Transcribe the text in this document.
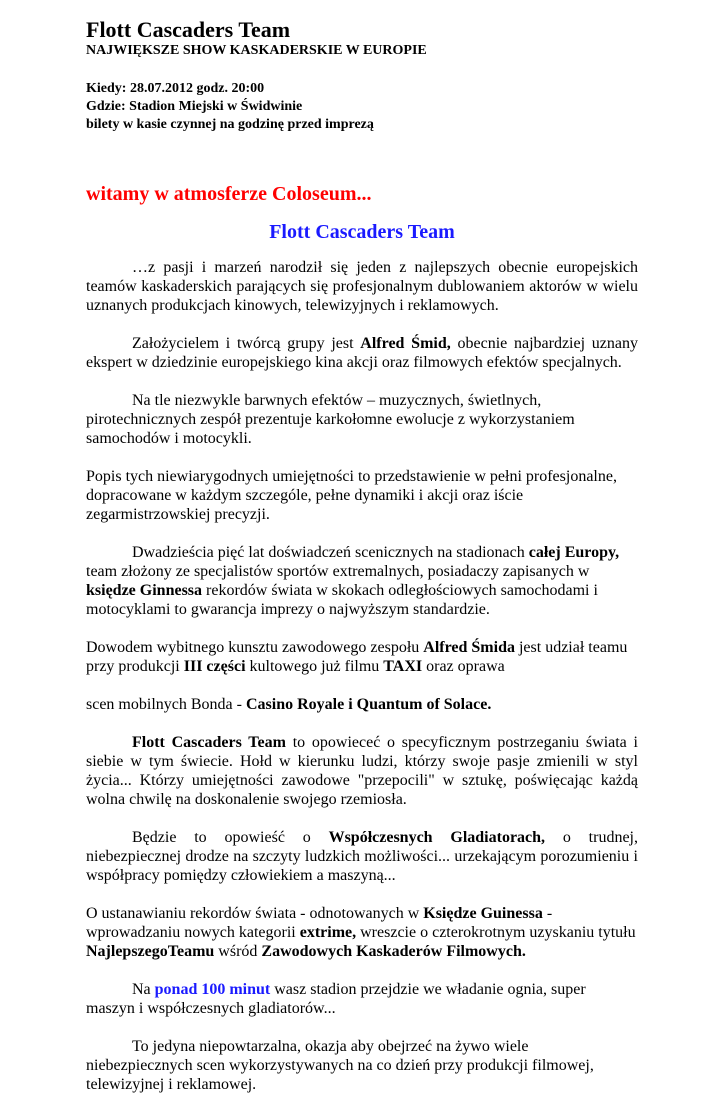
Flott Cascaders Team
NAJWIĘKSZE SHOW KASKADERSKIE W EUROPIE
Kiedy: 28.07.2012 godz. 20:00
Gdzie: Stadion Miejski w Świdwinie
bilety w kasie czynnej na godzinę przed imprezą
witamy w atmosferze Coloseum...
Flott Cascaders Team

…z pasji i marzeń narodził się jeden z najlepszych obecnie europejskich teamów kaskaderskich parających się profesjonalnym dublowaniem aktorów w wielu uznanych produkcjach kinowych, telewizyjnych i reklamowych.

Założycielem i twórcą grupy jest Alfred Śmid, obecnie najbardziej uznany ekspert w dziedzinie europejskiego kina akcji oraz filmowych efektów specjalnych.

Na tle niezwykle barwnych efektów – muzycznych, świetlnych, pirotechnicznych zespół prezentuje karkołomne ewolucje z wykorzystaniem samochodów i motocykli.

Popis tych niewiarygodnych umiejętności to przedstawienie w pełni profesjonalne, dopracowane w każdym szczególe, pełne dynamiki i akcji oraz iście zegarmistrzowskiej precyzji.

Dwadzieścia pięć lat doświadczeń scenicznych na stadionach całej Europy, team złożony ze specjalistów sportów extremalnych, posiadaczy zapisanych w księdze Ginnessa rekordów świata w skokach odległościowych samochodami i motocyklami to gwarancja imprezy o najwyższym standardzie.

Dowodem wybitnego kunsztu zawodowego zespołu Alfred Śmida jest udział teamu przy produkcji III części kultowego już filmu TAXI oraz oprawa

scen mobilnych Bonda - Casino Royale i Quantum of Solace.

Flott Cascaders Team to opowieceć o specyficznym postrzeganiu świata i siebie w tym świecie. Hołd w kierunku ludzi, którzy swoje pasje zmienili w styl życia... Którzy umiejętności zawodowe "przepocili" w sztukę, poświęcając każdą wolna chwilę na doskonalenie swojego rzemiosła.

Będzie to opowieść o Współczesnych Gladiatorach, o trudnej, niebezpiecznej drodze na szczyty ludzkich możliwości... urzekającym porozumieniu i współpracy pomiędzy człowiekiem a maszyną...

O ustanawianiu rekordów świata - odnotowanych w Księdze Guinessa - wprowadzaniu nowych kategorii extrime, wreszcie o czterokrotnym uzyskaniu tytułu NajlepszegoTeamu wśród Zawodowych Kaskaderów Filmowych.

Na ponad 100 minut wasz stadion przejdzie we władanie ognia, super maszyn i współczesnych gladiatorów...

To jedyna niepowtarzalna, okazja aby obejrzeć na żywo wiele niebezpiecznych scen wykorzystywanych na co dzień przy produkcji filmowej, telewizyjnej i reklamowej.
